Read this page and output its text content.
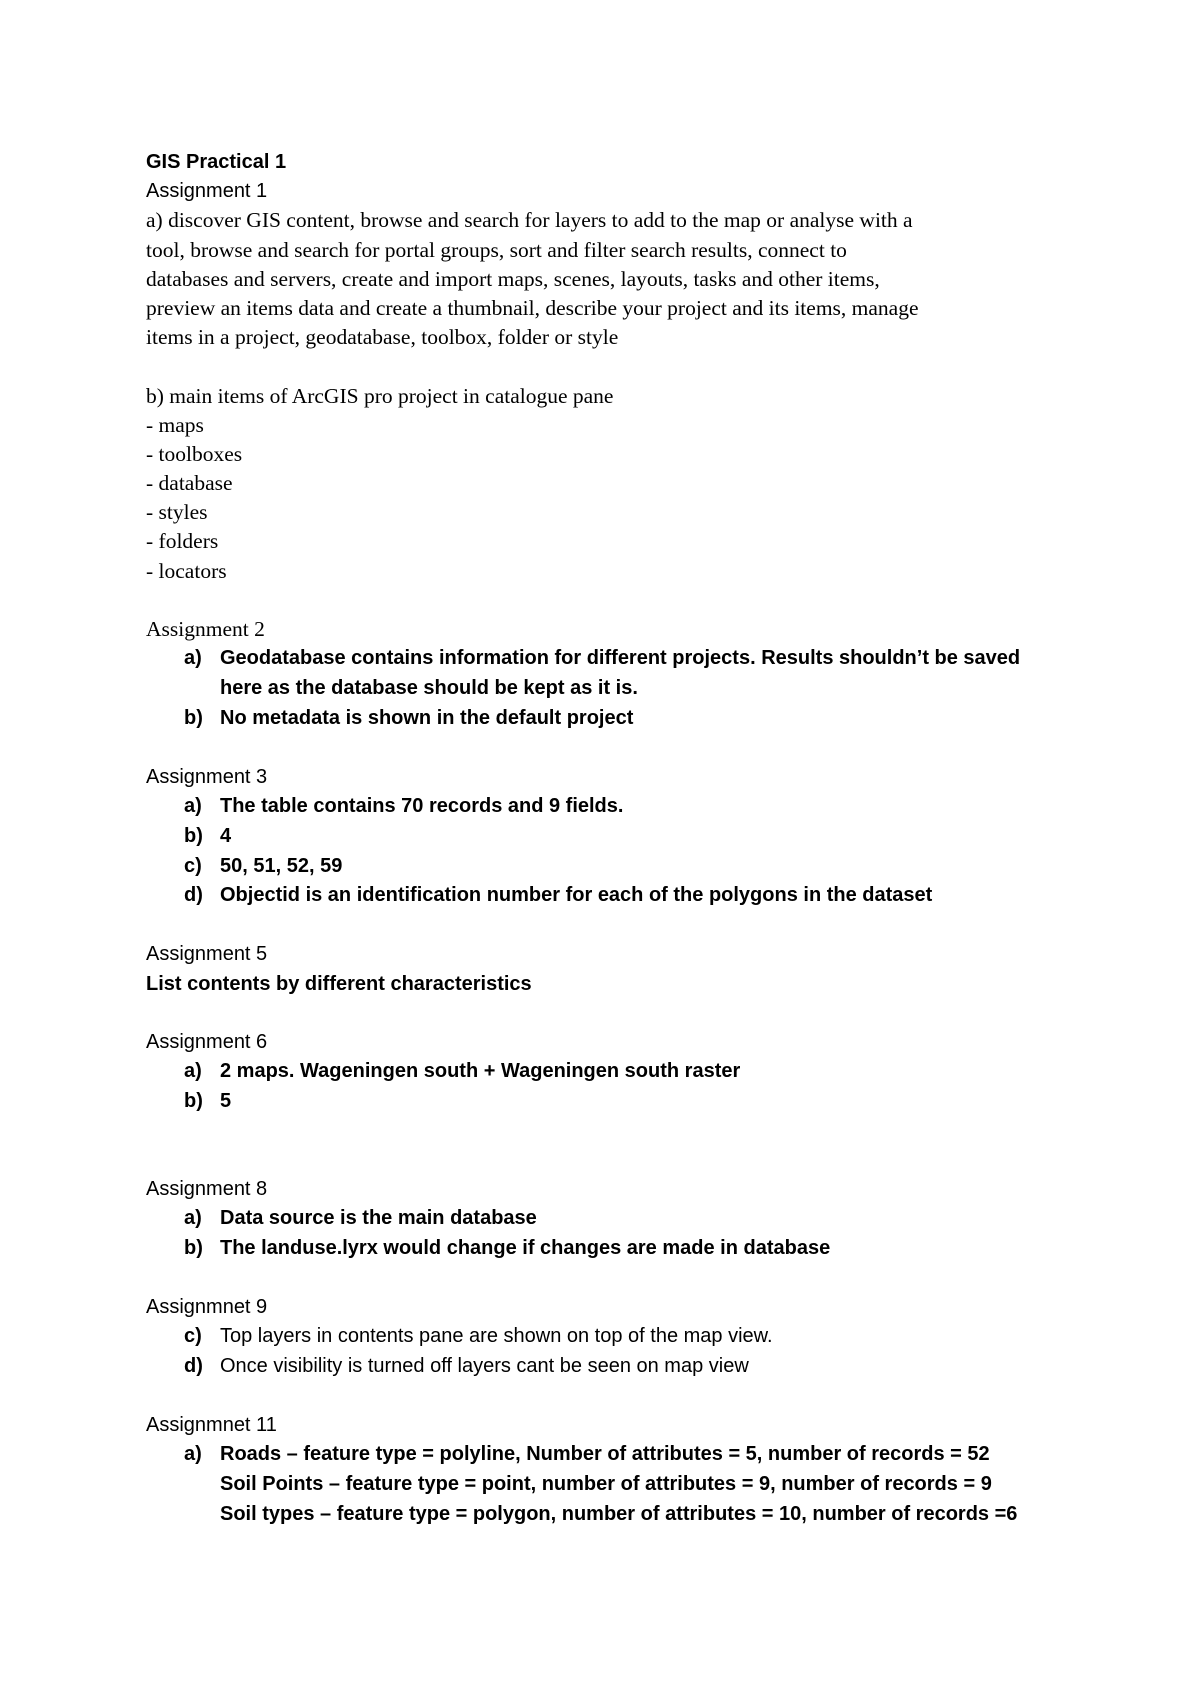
GIS Practical 1
Assignment 1
a) discover GIS content, browse and search for layers to add to the map or analyse with a
tool, browse and search for portal groups, sort and filter search results, connect to
databases and servers, create and import maps, scenes, layouts, tasks and other items,
preview an items data and create a thumbnail, describe your project and its items, manage
items in a project, geodatabase, toolbox, folder or style
b) main items of ArcGIS pro project in catalogue pane
- maps
- toolboxes
- database
- styles
- folders
- locators
Assignment 2
a) Geodatabase contains information for different projects. Results shouldn’t be saved
here as the database should be kept as it is.
b) No metadata is shown in the default project
Assignment 3
a) The table contains 70 records and 9 fields.
b) 4
c) 50, 51, 52, 59
d) Objectid is an identification number for each of the polygons in the dataset
Assignment 5
List contents by different characteristics
Assignment 6
a) 2 maps. Wageningen south + Wageningen south raster
b) 5
Assignment 8
a) Data source is the main database
b) The landuse.lyrx would change if changes are made in database
Assignmnet 9
c) Top layers in contents pane are shown on top of the map view.
d) Once visibility is turned off layers cant be seen on map view
Assignmnet 11
a) Roads – feature type = polyline, Number of attributes = 5, number of records = 52
Soil Points – feature type = point, number of attributes = 9, number of records = 9
Soil types – feature type = polygon, number of attributes = 10, number of records =6
